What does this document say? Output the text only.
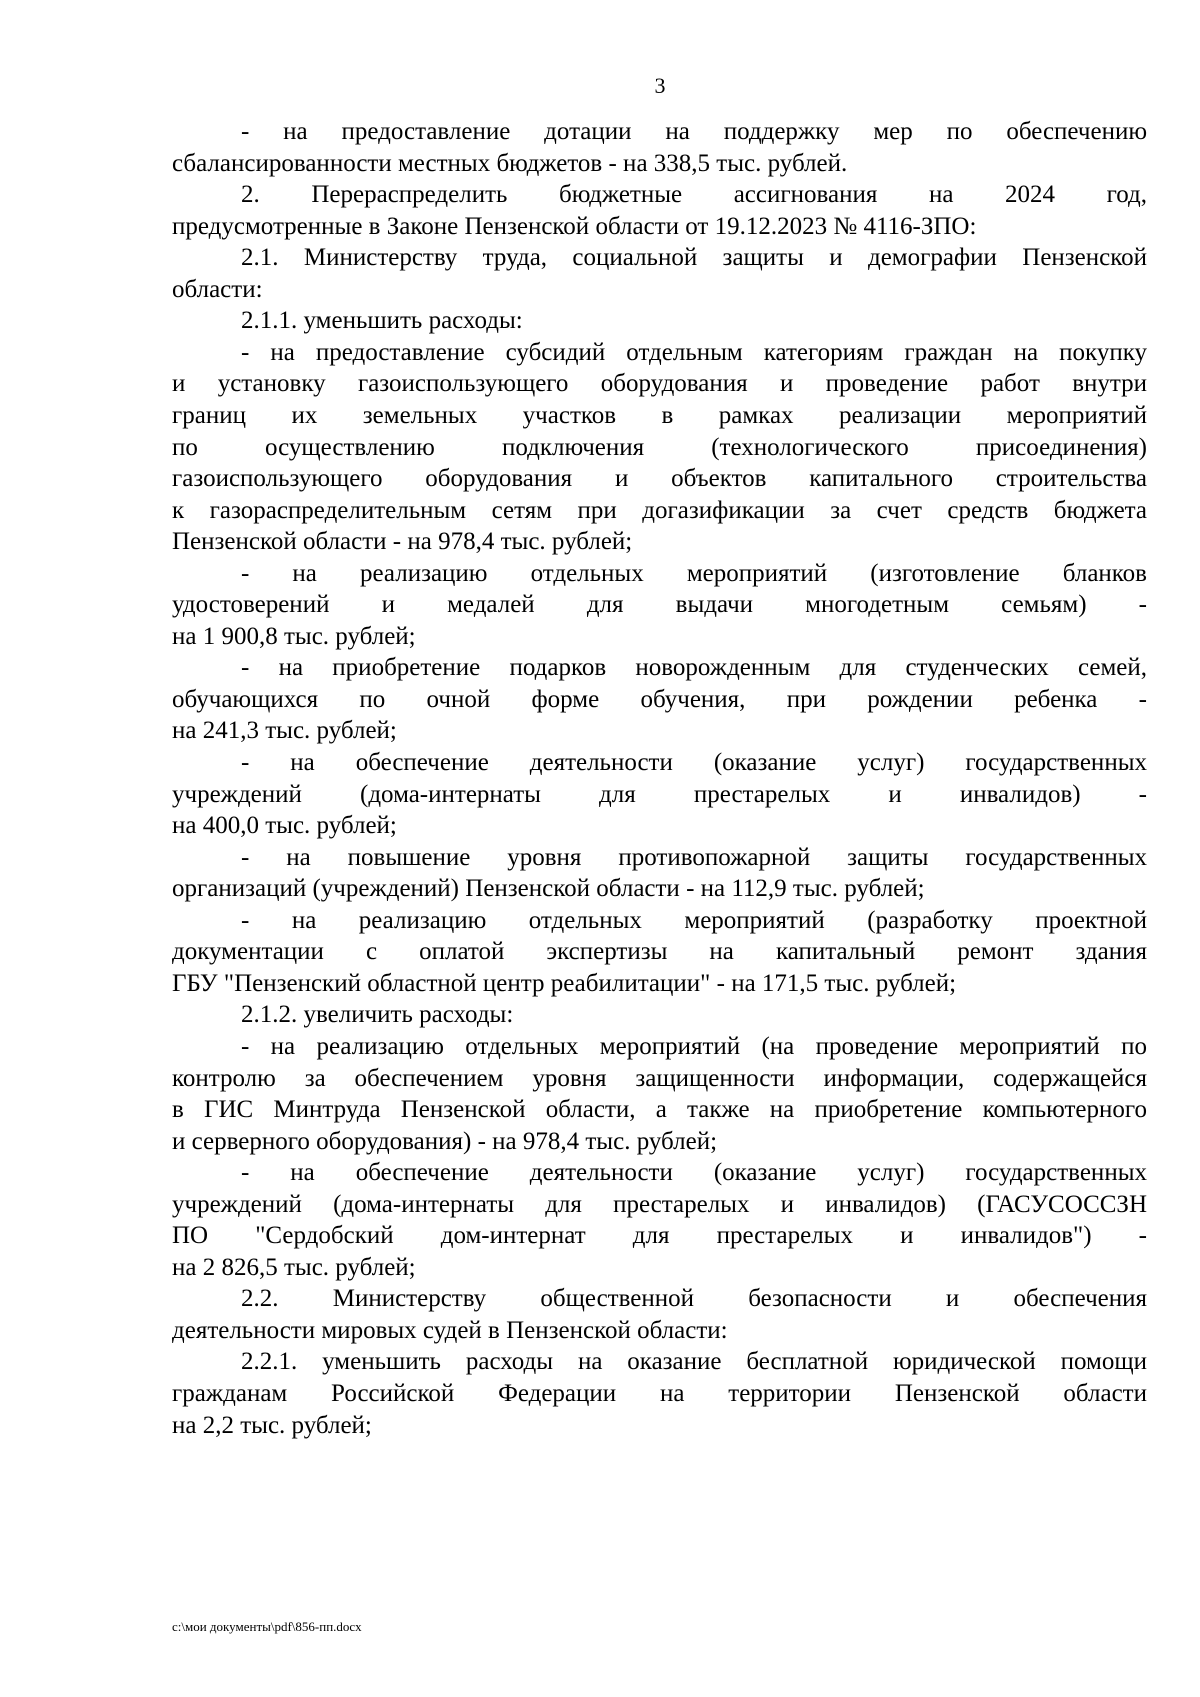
3
- на предоставление дотации на поддержку мер по обеспечению
сбалансированности местных бюджетов - на 338,5 тыс. рублей.
2. Перераспределить бюджетные ассигнования на 2024 год,
предусмотренные в Законе Пензенской области от 19.12.2023 № 4116-ЗПО:
2.1. Министерству труда, социальной защиты и демографии Пензенской
области:
2.1.1. уменьшить расходы:
- на предоставление субсидий отдельным категориям граждан на покупку
и установку газоиспользующего оборудования и проведение работ внутри
границ их земельных участков в рамках реализации мероприятий
по осуществлению подключения (технологического присоединения)
газоиспользующего оборудования и объектов капитального строительства
к газораспределительным сетям при догазификации за счет средств бюджета
Пензенской области - на 978,4 тыс. рублей;
- на реализацию отдельных мероприятий (изготовление бланков
удостоверений и медалей для выдачи многодетным семьям) -
на 1 900,8 тыс. рублей;
- на приобретение подарков новорожденным для студенческих семей,
обучающихся по очной форме обучения, при рождении ребенка -
на 241,3 тыс. рублей;
- на обеспечение деятельности (оказание услуг) государственных
учреждений (дома-интернаты для престарелых и инвалидов) -
на 400,0 тыс. рублей;
- на повышение уровня противопожарной защиты государственных
организаций (учреждений) Пензенской области - на 112,9 тыс. рублей;
- на реализацию отдельных мероприятий (разработку проектной
документации с оплатой экспертизы на капитальный ремонт здания
ГБУ "Пензенский областной центр реабилитации" - на 171,5 тыс. рублей;
2.1.2. увеличить расходы:
- на реализацию отдельных мероприятий (на проведение мероприятий по
контролю за обеспечением уровня защищенности информации, содержащейся
в ГИС Минтруда Пензенской области, а также на приобретение компьютерного
и серверного оборудования) - на 978,4 тыс. рублей;
- на обеспечение деятельности (оказание услуг) государственных
учреждений (дома-интернаты для престарелых и инвалидов) (ГАСУСОССЗН
ПО "Сердобский дом-интернат для престарелых и инвалидов") -
на 2 826,5 тыс. рублей;
2.2. Министерству общественной безопасности и обеспечения
деятельности мировых судей в Пензенской области:
2.2.1. уменьшить расходы на оказание бесплатной юридической помощи
гражданам Российской Федерации на территории Пензенской области
на 2,2 тыс. рублей;
c:\мои документы\pdf\856-пп.docx
